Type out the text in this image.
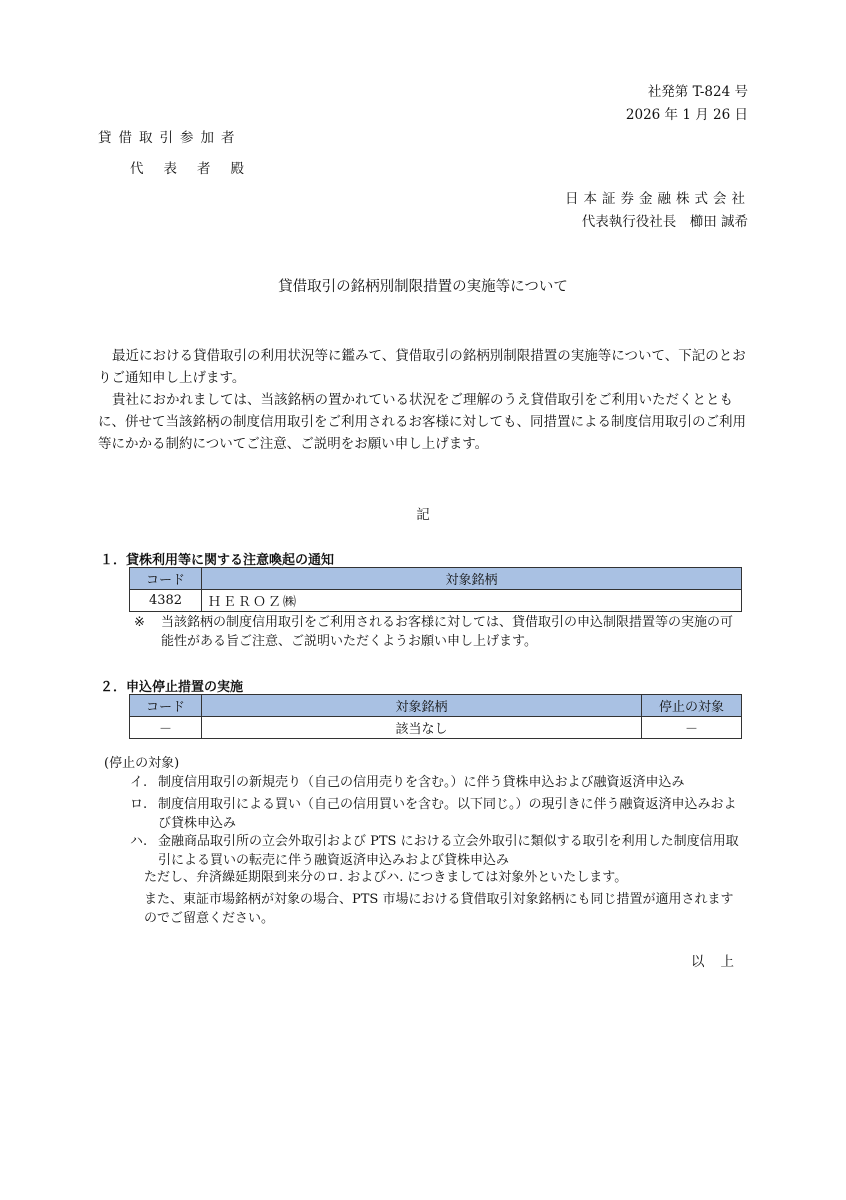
社発第 T-824 号
2026 年 1 月 26 日
貸借取引参加者
代表者殿
日本証券金融株式会社
代表執行役社長　櫛田 誠希
貸借取引の銘柄別制限措置の実施等について
最近における貸借取引の利用状況等に鑑みて、貸借取引の銘柄別制限措置の実施等について、下記のとおりご通知申し上げます。
貴社におかれましては、当該銘柄の置かれている状況をご理解のうえ貸借取引をご利用いただくとともに、併せて当該銘柄の制度信用取引をご利用されるお客様に対しても、同措置による制度信用取引のご利用等にかかる制約についてご注意、ご説明をお願い申し上げます。
記
１．貸株利用等に関する注意喚起の通知
コード	対象銘柄
4382	ＨＥＲＯＺ㈱
※ 当該銘柄の制度信用取引をご利用されるお客様に対しては、貸借取引の申込制限措置等の実施の可能性がある旨ご注意、ご説明いただくようお願い申し上げます。
２．申込停止措置の実施
コード	対象銘柄	停止の対象
－	該当なし	－
(停止の対象)
イ. 制度信用取引の新規売り（自己の信用売りを含む。）に伴う貸株申込および融資返済申込み
ロ. 制度信用取引による買い（自己の信用買いを含む。以下同じ。）の現引きに伴う融資返済申込みおよび貸株申込み
ハ. 金融商品取引所の立会外取引および PTS における立会外取引に類似する取引を利用した制度信用取引による買いの転売に伴う融資返済申込みおよび貸株申込み
ただし、弁済繰延期限到来分のロ. およびハ. につきましては対象外といたします。
また、東証市場銘柄が対象の場合、PTS 市場における貸借取引対象銘柄にも同じ措置が適用されますのでご留意ください。
以上
